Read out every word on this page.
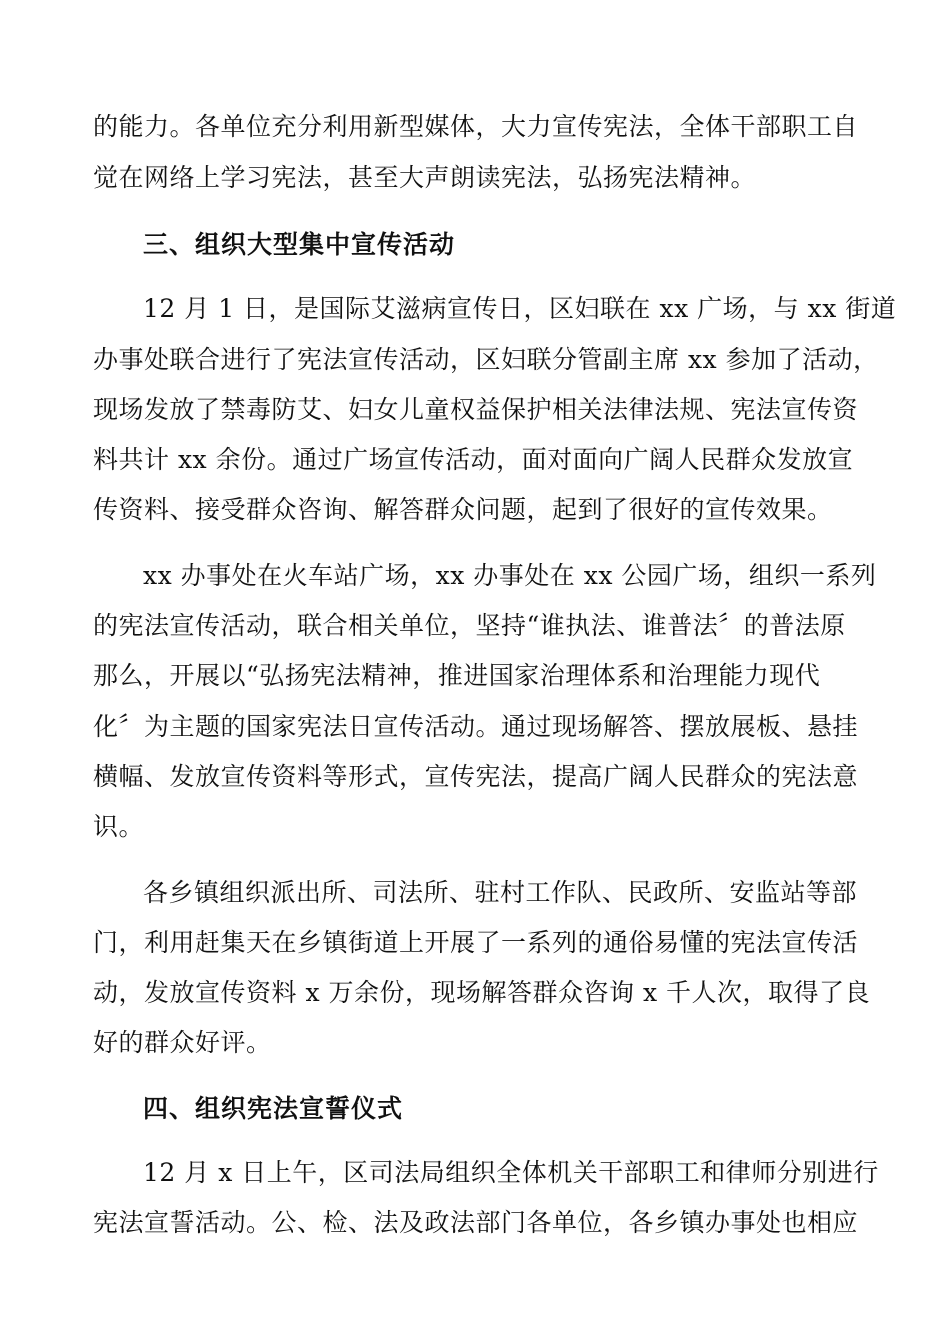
的能力。各单位充分利用新型媒体，大力宣传宪法，全体干部职工自
觉在网络上学习宪法，甚至大声朗读宪法，弘扬宪法精神。
三、组织大型集中宣传活动
12 月 1 日，是国际艾滋病宣传日，区妇联在 xx 广场，与 xx 街道
办事处联合进行了宪法宣传活动，区妇联分管副主席 xx 参加了活动，
现场发放了禁毒防艾、妇女儿童权益保护相关法律法规、宪法宣传资
料共计 xx 余份。通过广场宣传活动，面对面向广阔人民群众发放宣
传资料、接受群众咨询、解答群众问题，起到了很好的宣传效果。
xx 办事处在火车站广场，xx 办事处在 xx 公园广场，组织一系列
的宪法宣传活动，联合相关单位，坚持“谁执法、谁普法〞的普法原
那么，开展以“弘扬宪法精神，推进国家治理体系和治理能力现代
化〞为主题的国家宪法日宣传活动。通过现场解答、摆放展板、悬挂
横幅、发放宣传资料等形式，宣传宪法，提高广阔人民群众的宪法意
识。
各乡镇组织派出所、司法所、驻村工作队、民政所、安监站等部
门，利用赶集天在乡镇街道上开展了一系列的通俗易懂的宪法宣传活
动，发放宣传资料 x 万余份，现场解答群众咨询 x 千人次，取得了良
好的群众好评。
四、组织宪法宣誓仪式
12 月 x 日上午，区司法局组织全体机关干部职工和律师分别进行
宪法宣誓活动。公、检、法及政法部门各单位，各乡镇办事处也相应
